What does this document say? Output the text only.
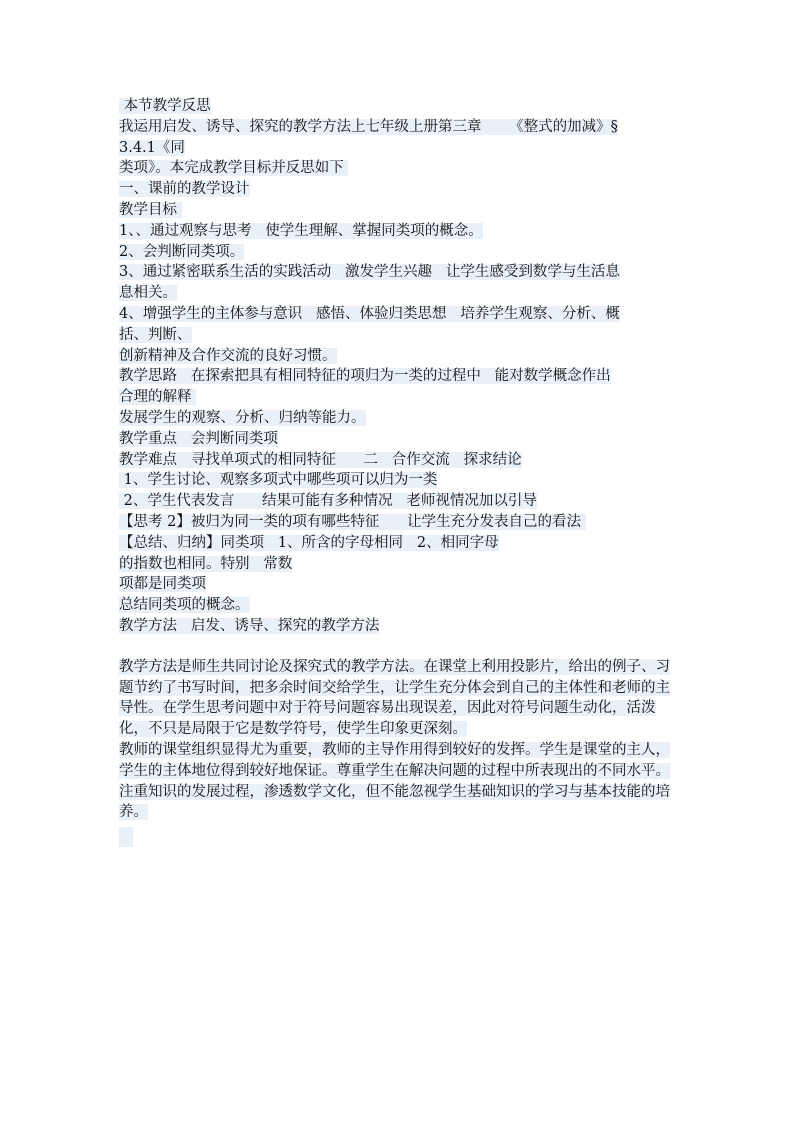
本节教学反思
我运用启发、诱导、探究的教学方法上七年级上册第三章      《整式的加减》§
3.4.1《同
类项》。本完成教学目标并反思如下
一、课前的教学设计
教学目标
1、、通过观察与思考   使学生理解、掌握同类项的概念。
2、会判断同类项。
3、通过紧密联系生活的实践活动   激发学生兴趣   让学生感受到数学与生活息
息相关。
4、增强学生的主体参与意识   感悟、体验归类思想   培养学生观察、分析、概
括、判断、
创新精神及合作交流的良好习惯。
教学思路   在探索把具有相同特征的项归为一类的过程中   能对数学概念作出
合理的解释
发展学生的观察、分析、归纳等能力。
教学重点   会判断同类项
教学难点   寻找单项式的相同特征      二   合作交流   探求结论
1、学生讨论、观察多项式中哪些项可以归为一类
2、学生代表发言      结果可能有多种情况   老师视情况加以引导
【思考 2】被归为同一类的项有哪些特征      让学生充分发表自己的看法
【总结、归纳】同类项   1、所含的字母相同   2、相同字母
的指数也相同。特别   常数
项都是同类项
总结同类项的概念。
教学方法   启发、诱导、探究的教学方法
教学方法是师生共同讨论及探究式的教学方法。在课堂上利用投影片，给出的例子、习题节约了书写时间，把多余时间交给学生，让学生充分体会到自己的主体性和老师的主导性。在学生思考问题中对于符号问题容易出现误差，因此对符号问题生动化，活泼化，不只是局限于它是数学符号，使学生印象更深刻。
教师的课堂组织显得尤为重要，教师的主导作用得到较好的发挥。学生是课堂的主人，学生的主体地位得到较好地保证。尊重学生在解决问题的过程中所表现出的不同水平。
注重知识的发展过程，渗透数学文化，但不能忽视学生基础知识的学习与基本技能的培养。
